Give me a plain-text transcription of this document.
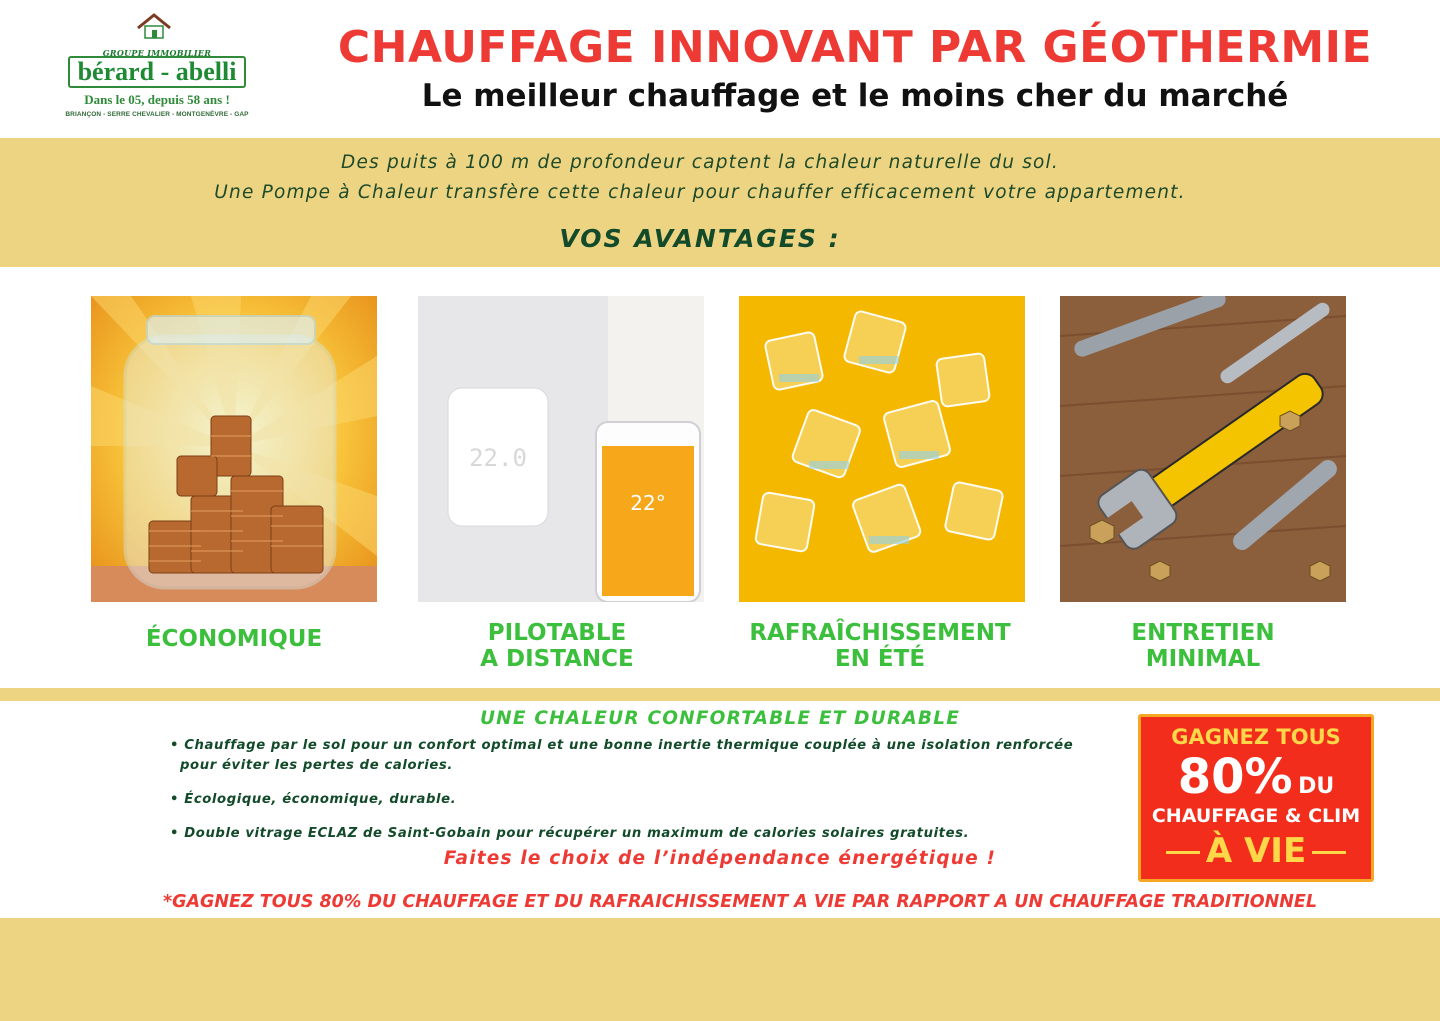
GROUPE IMMOBILIER
bérard - abelli
Dans le 05, depuis 58 ans !
BRIANÇON - SERRE CHEVALIER - MONTGENÈVRE - GAP
CHAUFFAGE INNOVANT PAR GÉOTHERMIE
Le meilleur chauffage et le moins cher du marché
Des puits à 100 m de profondeur captent la chaleur naturelle du sol.
Une Pompe à Chaleur transfère cette chaleur pour chauffer efficacement votre appartement.
VOS AVANTAGES :
22.0
22°
ÉCONOMIQUE	PILOTABLE
A DISTANCE
RAFRAÎCHISSEMENT
EN ÉTÉ
ENTRETIEN
MINIMAL
UNE CHALEUR CONFORTABLE ET DURABLE
• Chauffage par le sol pour un confort optimal et une bonne inertie thermique couplée à une isolation renforcée pour éviter les pertes de calories.
• Écologique, économique, durable.
• Double vitrage ECLAZ de Saint-Gobain pour récupérer un maximum de calories solaires gratuites.
Faites le choix de l’indépendance énergétique !
GAGNEZ TOUS
80% DU
CHAUFFAGE & CLIM
À VIE
*GAGNEZ TOUS 80% DU CHAUFFAGE ET DU RAFRAICHISSEMENT A VIE PAR RAPPORT A UN CHAUFFAGE TRADITIONNEL
